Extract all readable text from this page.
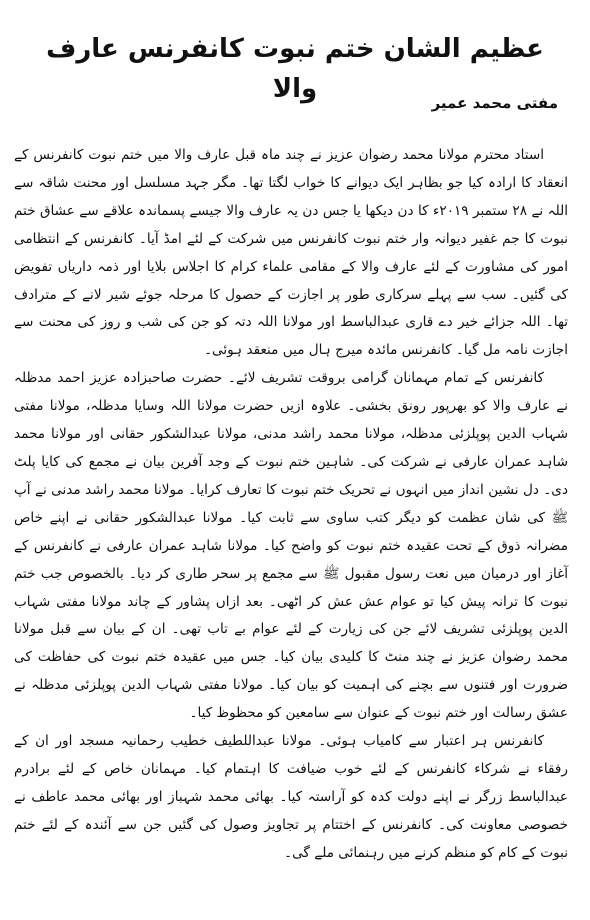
عظیم الشان ختم نبوت کانفرنس عارف والا	مفتی محمد عمیر

استاد محترم مولانا محمد رضوان عزیز نے چند ماہ قبل عارف والا میں ختم نبوت کانفرنس کے انعقاد کا ارادہ کیا جو بظاہر ایک دیوانے کا خواب لگتا تھا۔ مگر جہد مسلسل اور محنت شاقہ سے اللہ نے ۲۸ ستمبر ۲۰۱۹ء کا دن دیکھا یا جس دن یہ عارف والا جیسے پسماندہ علاقے سے عشاق ختم نبوت کا جم غفیر دیوانہ وار ختم نبوت کانفرنس میں شرکت کے لئے امڈ آیا۔ کانفرنس کے انتظامی امور کی مشاورت کے لئے عارف والا کے مقامی علماء کرام کا اجلاس بلایا اور ذمہ داریاں تفویض کی گئیں۔ سب سے پہلے سرکاری طور پر اجازت کے حصول کا مرحلہ جوئے شیر لانے کے مترادف تھا۔ اللہ جزائے خیر دے قاری عبدالباسط اور مولانا اللہ دتہ کو جن کی شب و روز کی محنت سے اجازت نامہ مل گیا۔ کانفرنس مائدہ میرج ہال میں منعقد ہوئی۔

کانفرنس کے تمام مہمانان گرامی بروقت تشریف لائے۔ حضرت صاحبزادہ عزیز احمد مدظلہ نے عارف والا کو بھرپور رونق بخشی۔ علاوہ ازیں حضرت مولانا اللہ وسایا مدظلہ، مولانا مفتی شہاب الدین پوپلزئی مدظلہ، مولانا محمد راشد مدنی، مولانا عبدالشکور حقانی اور مولانا محمد شاہد عمران عارفی نے شرکت کی۔ شاہین ختم نبوت کے وجد آفرین بیان نے مجمع کی کایا پلٹ دی۔ دل نشین انداز میں انہوں نے تحریک ختم نبوت کا تعارف کرایا۔ مولانا محمد راشد مدنی نے آپ ﷺ کی شان عظمت کو دیگر کتب ساوی سے ثابت کیا۔ مولانا عبدالشکور حقانی نے اپنے خاص مضرانہ ذوق کے تحت عقیدہ ختم نبوت کو واضح کیا۔ مولانا شاہد عمران عارفی نے کانفرنس کے آغاز اور درمیان میں نعت رسول مقبول ﷺ سے مجمع پر سحر طاری کر دیا۔ بالخصوص جب ختم نبوت کا ترانہ پیش کیا تو عوام عش عش کر اٹھی۔ بعد ازاں پشاور کے چاند مولانا مفتی شہاب الدین پوپلزئی تشریف لائے جن کی زیارت کے لئے عوام بے تاب تھی۔ ان کے بیان سے قبل مولانا محمد رضوان عزیز نے چند منٹ کا کلیدی بیان کیا۔ جس میں عقیدہ ختم نبوت کی حفاظت کی ضرورت اور فتنوں سے بچنے کی اہمیت کو بیان کیا۔ مولانا مفتی شہاب الدین پوپلزئی مدظلہ نے عشق رسالت اور ختم نبوت کے عنوان سے سامعین کو محظوظ کیا۔

کانفرنس ہر اعتبار سے کامیاب ہوئی۔ مولانا عبداللطیف خطیب رحمانیہ مسجد اور ان کے رفقاء نے شرکاء کانفرنس کے لئے خوب ضیافت کا اہتمام کیا۔ مہمانان خاص کے لئے برادرم عبدالباسط زرگر نے اپنے دولت کدہ کو آراستہ کیا۔ بھائی محمد شہباز اور بھائی محمد عاطف نے خصوصی معاونت کی۔ کانفرنس کے اختتام پر تجاویز وصول کی گئیں جن سے آئندہ کے لئے ختم نبوت کے کام کو منظم کرنے میں رہنمائی ملے گی۔
